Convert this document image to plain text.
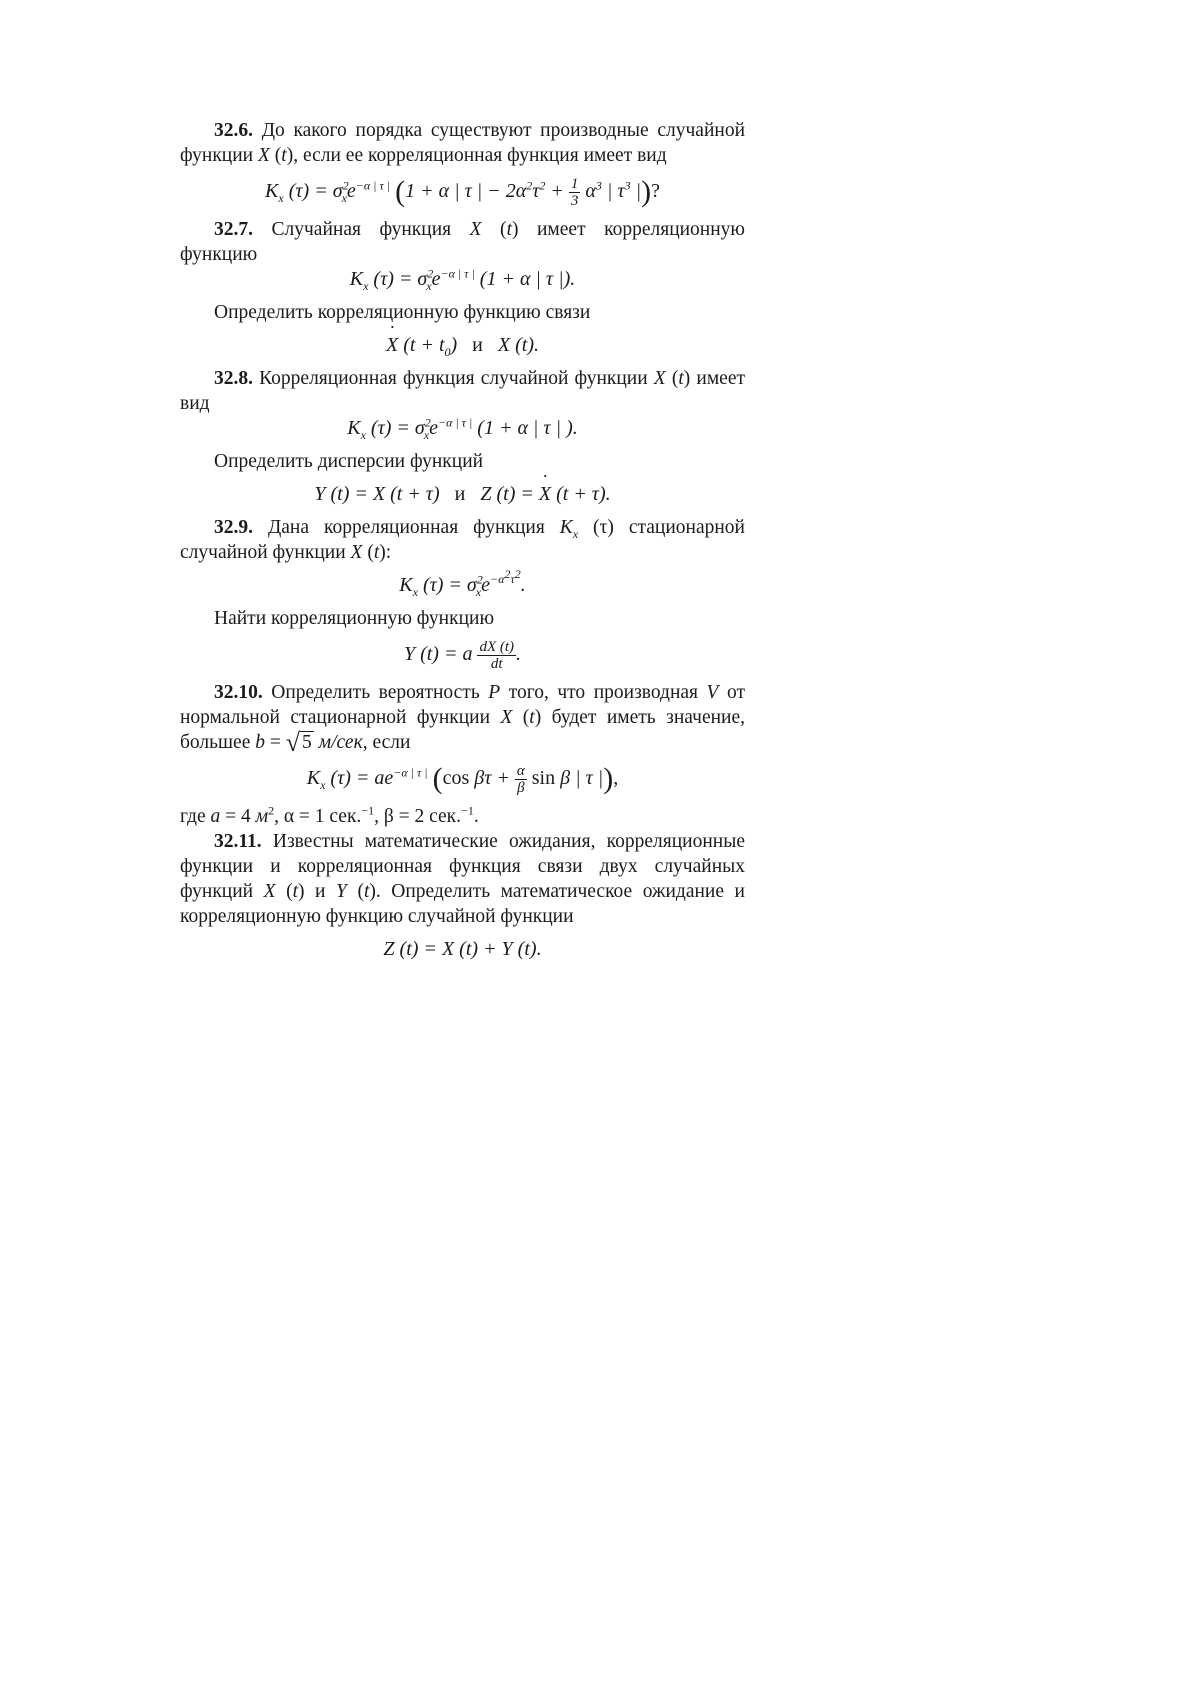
32.6. До какого порядка существуют производные случайной функции X (t), если ее корреляционная функция имеет вид

$K_x$ $(\tau) = \sigma^2_xe^{-\alpha | \tau |}$ (1 + α | τ | − $2\alpha^2\tau^2 + \frac{1}{3} \alpha^3$ | $\tau^3$ |)?

32.7. Случайная функция X (t) имеет корреляционную функцию

$K_x$ $(\tau) = \sigma^2_xe^{-\alpha | \tau |}$ (1 + α | τ |).

Определить корреляционную функцию связи

˙ X $(t + t_0)$   и X (t).

32.8. Корреляционная функция случайной функции X (t) имеет вид

$K_x$ $(\tau) = \sigma^2_xe^{-\alpha | \tau |}$ (1 + α | τ | ).

Определить дисперсии функций

Y (t) = X (t + τ)   и Z (t) = ˙ X (t + τ).

32.9. Дана корреляционная функция $K_x$ (τ) стационарной случайной функции X (t):

$K_x$ $(\tau) = \sigma^2_xe^{-\alpha^2\tau^2}$.

Найти корреляционную функцию

Y (t) = a $\frac{dX (t)}{dt}$ .

32.10. Определить вероятность P того, что производная V от нормальной стационарной функции X (t) будет иметь значение, большее b = √ 5 м/сек, если

$K_x$ $(\tau) = ae^{-\alpha | \tau |}$ (cos $\beta\tau + \frac{\alpha}{\beta}$ sin β | τ |),

где a = 4 $м^2$, α = 1 сек.$^{-1}$, β = 2 сек.$^{-1}$.

32.11. Известны математические ожидания, корреляционные функции и корреляционная функция связи двух случайных функций X (t) и Y (t). Определить математическое ожидание и корреляционную функцию случайной функции

Z (t) = X (t) + Y (t).
